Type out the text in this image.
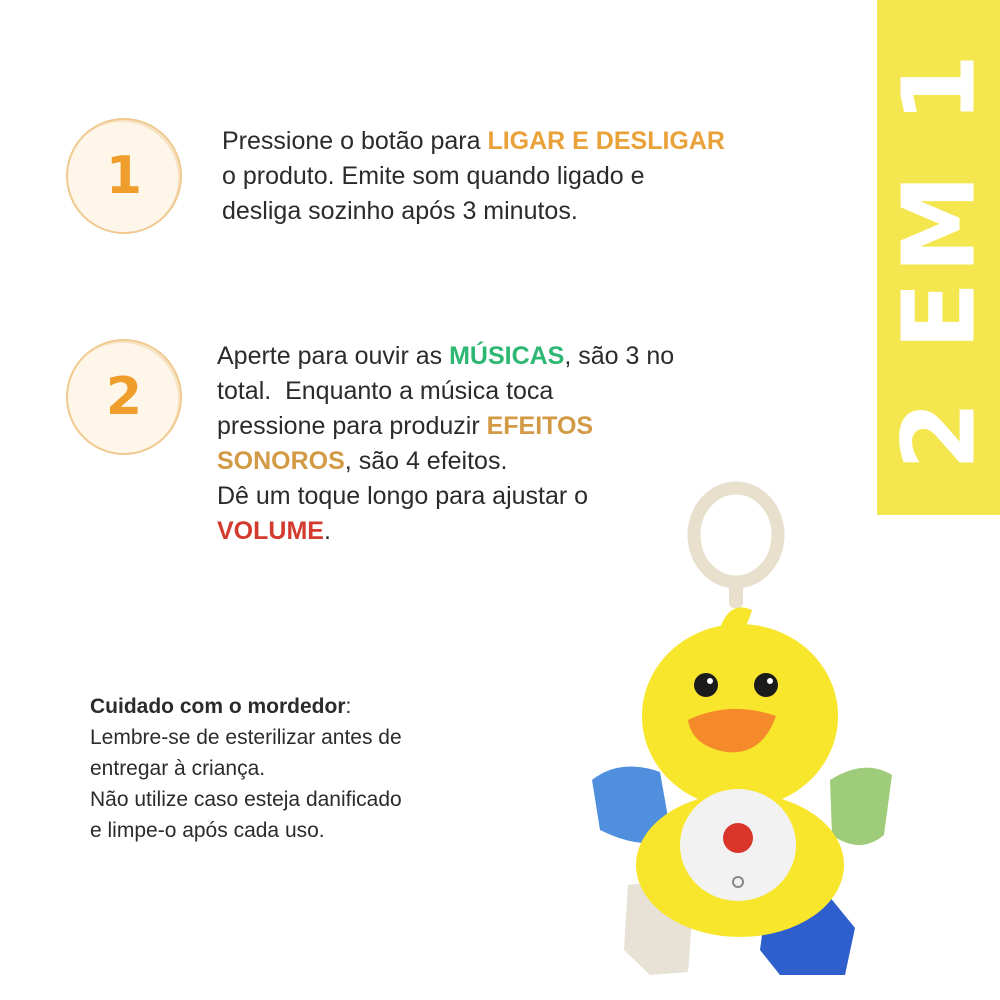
2 EM 1
1
Pressione o botão para LIGAR E DESLIGAR
o produto. Emite som quando ligado e
desliga sozinho após 3 minutos.
2
Aperte para ouvir as MÚSICAS, são 3 no
total.  Enquanto a música toca
pressione para produzir EFEITOS
SONOROS, são 4 efeitos.
Dê um toque longo para ajustar o
VOLUME.
Cuidado com o mordedor:
Lembre-se de esterilizar antes de
entregar à criança.
Não utilize caso esteja danificado
e limpe-o após cada uso.
